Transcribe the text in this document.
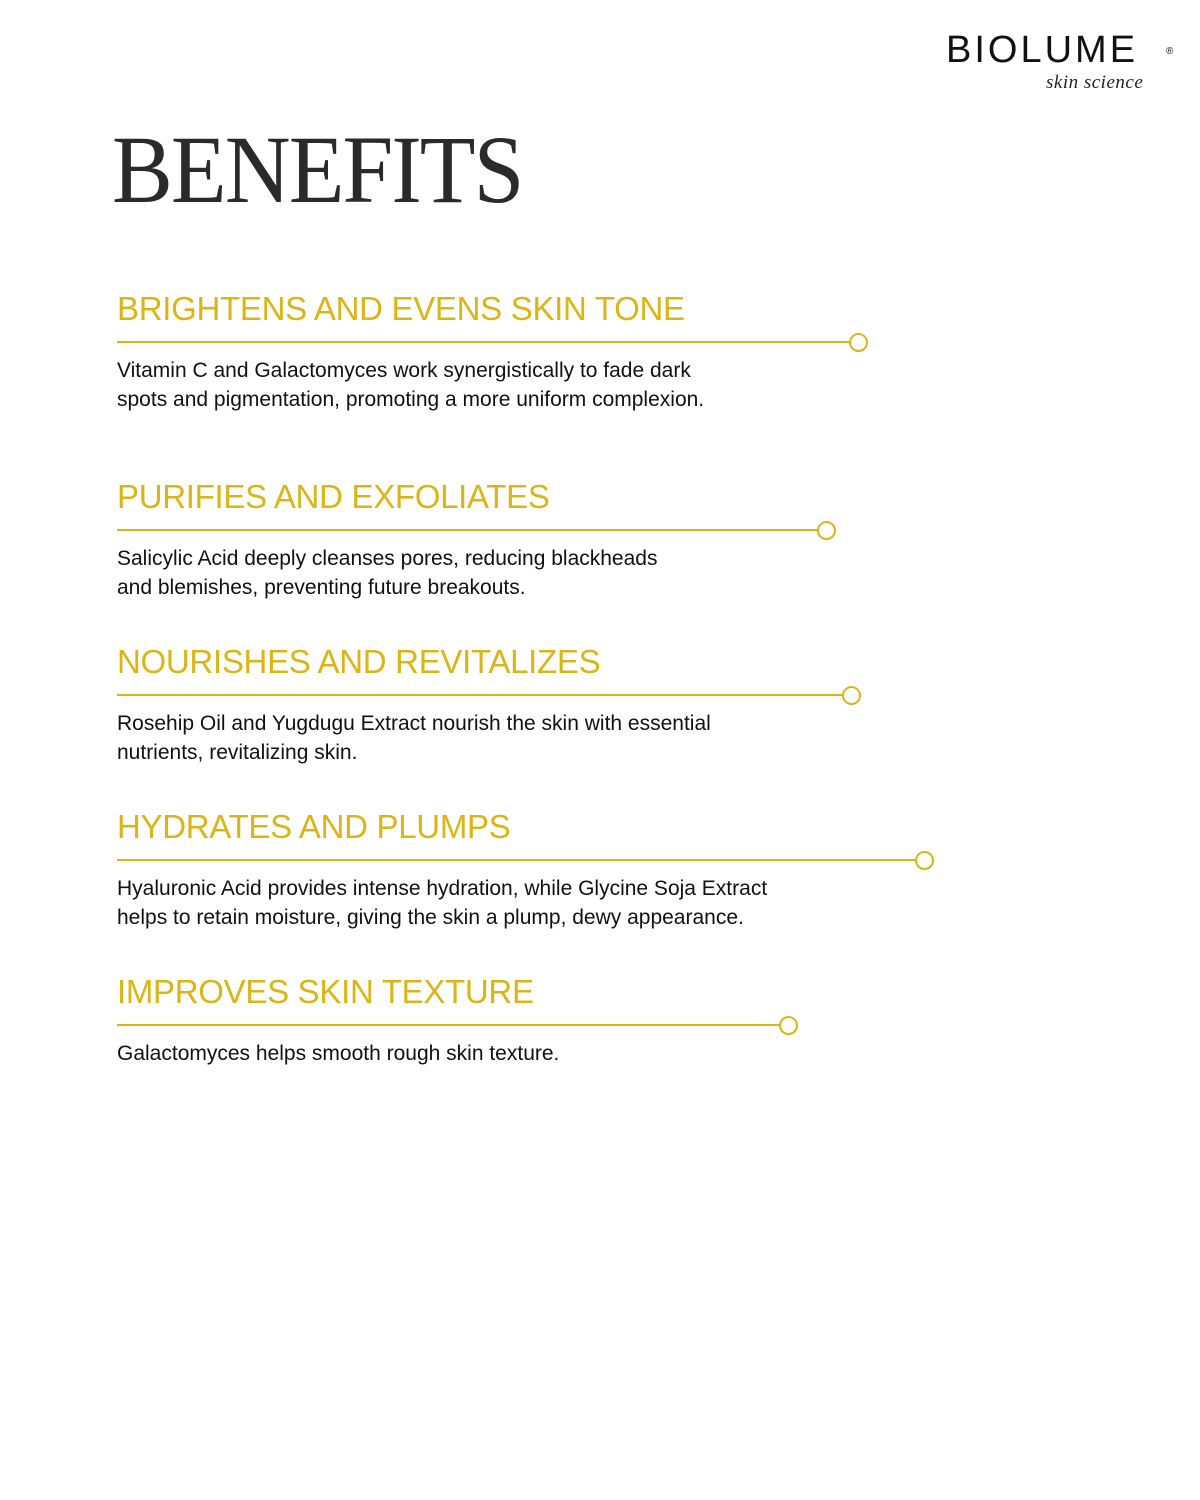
BIOLUME	®
skin science
BENEFITS
BRIGHTENS AND EVENS SKIN TONE

Vitamin C and Galactomyces work synergistically to fade dark
spots and pigmentation, promoting a more uniform complexion.

PURIFIES AND EXFOLIATES

Salicylic Acid deeply cleanses pores, reducing blackheads
and blemishes, preventing future breakouts.

NOURISHES AND REVITALIZES

Rosehip Oil and Yugdugu Extract nourish the skin with essential
nutrients, revitalizing skin.

HYDRATES AND PLUMPS

Hyaluronic Acid provides intense hydration, while Glycine Soja Extract
helps to retain moisture, giving the skin a plump, dewy appearance.

IMPROVES SKIN TEXTURE

Galactomyces helps smooth rough skin texture.
